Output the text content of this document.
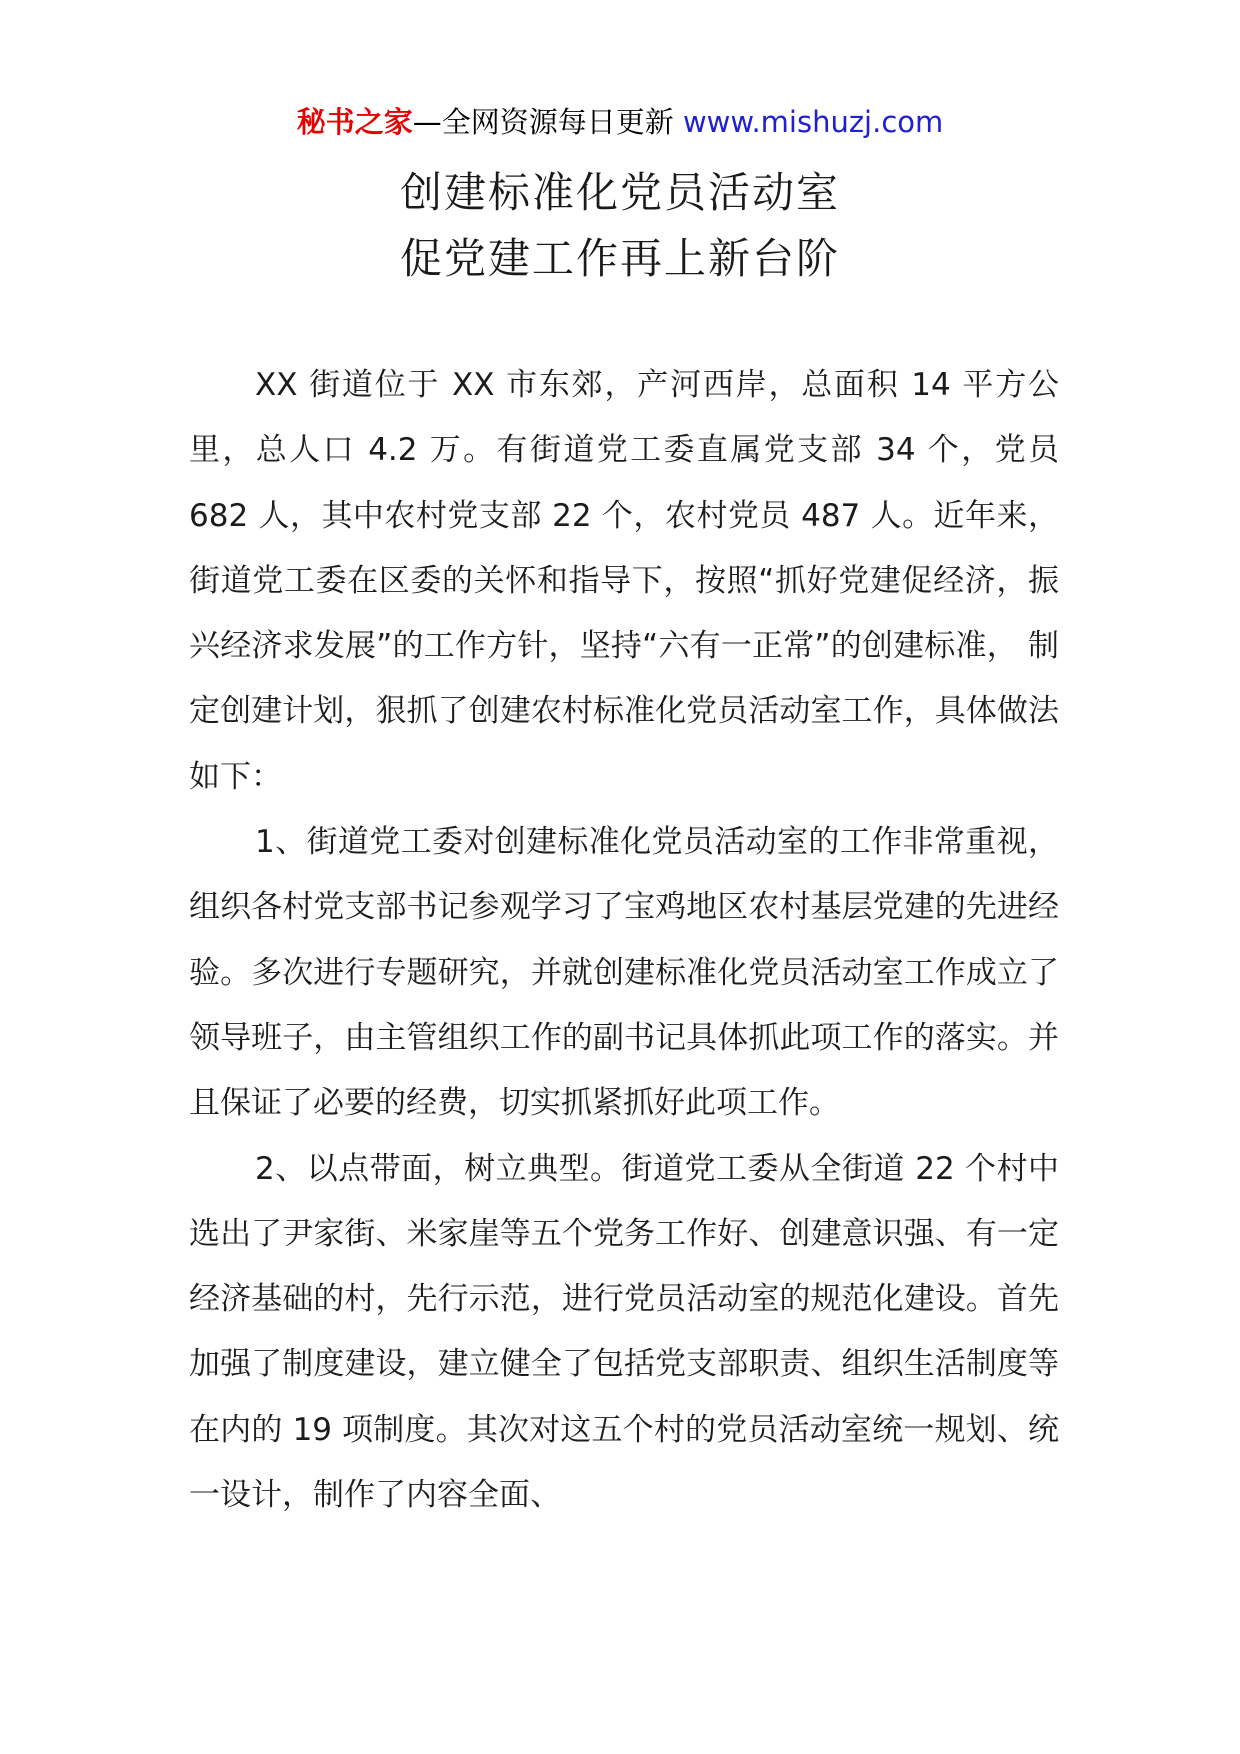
秘书之家—全网资源每日更新 www.mishuzj.com
创建标准化党员活动室
促党建工作再上新台阶

XX 街道位于 XX 市东郊，产河西岸，总面积 14 平方公里，总人口 4.2 万。有街道党工委直属党支部 34 个，党员 682 人，其中农村党支部 22 个，农村党员 487 人。近年来，街道党工委在区委的关怀和指导下，按照“抓好党建促经济，振兴经济求发展”的工作方针，坚持“六有一正常”的创建标准， 制定创建计划，狠抓了创建农村标准化党员活动室工作，具体做法如下：

1、街道党工委对创建标准化党员活动室的工作非常重视，组织各村党支部书记参观学习了宝鸡地区农村基层党建的先进经验。多次进行专题研究，并就创建标准化党员活动室工作成立了领导班子，由主管组织工作的副书记具体抓此项工作的落实。并且保证了必要的经费，切实抓紧抓好此项工作。

2、以点带面，树立典型。街道党工委从全街道 22 个村中选出了尹家街、米家崖等五个党务工作好、创建意识强、有一定经济基础的村，先行示范，进行党员活动室的规范化建设。首先加强了制度建设，建立健全了包括党支部职责、组织生活制度等在内的 19 项制度。其次对这五个村的党员活动室统一规划、统一设计，制作了内容全面、
